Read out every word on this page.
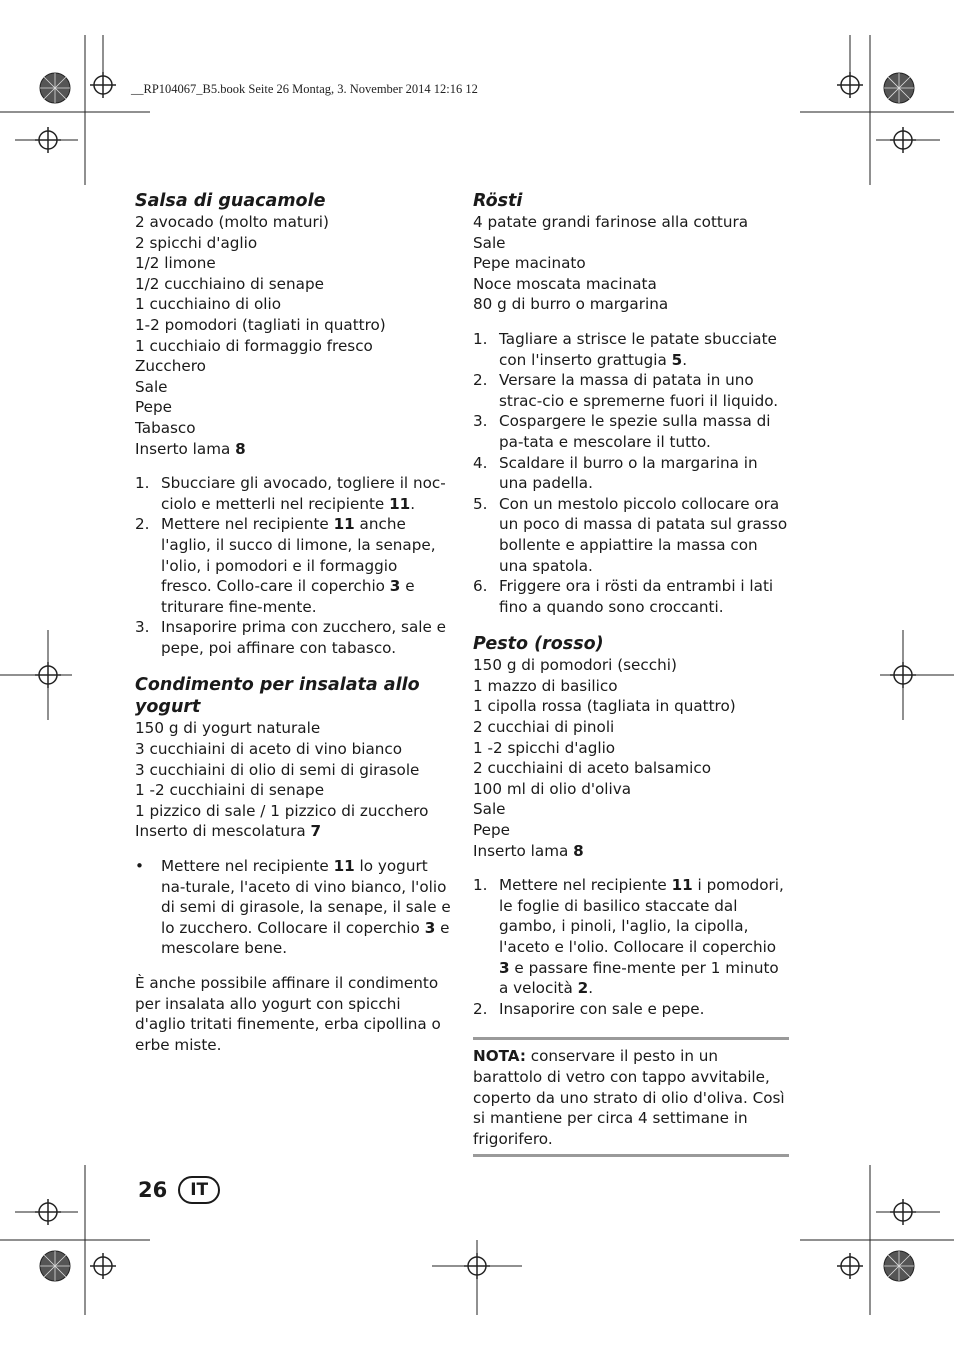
__RP104067_B5.book Seite 26 Montag, 3. November 2014 12:16 12
Salsa di guacamole
2 avocado (molto maturi)
2 spicchi d'aglio
1/2 limone
1/2 cucchiaino di senape
1 cucchiaino di olio
1-2 pomodori (tagliati in quattro)
1 cucchiaio di formaggio fresco
Zucchero
Sale
Pepe
Tabasco
Inserto lama 8
1. Sbucciare gli avocado, togliere il noc-
ciolo e metterli nel recipiente 11.
2. Mettere nel recipiente 11 anche l'aglio, il succo di limone, la senape, l'olio, i pomodori e il formaggio fresco. Collo-care il coperchio 3 e triturare fine-mente.
3. Insaporire prima con zucchero, sale e pepe, poi affinare con tabasco.
Condimento per insalata allo
yogurt
150 g di yogurt naturale
3 cucchiaini di aceto di vino bianco
3 cucchiaini di olio di semi di girasole
1 -2 cucchiaini di senape
1 pizzico di sale / 1 pizzico di zucchero
Inserto di mescolatura 7
•	Mettere nel recipiente 11 lo yogurt na-turale, l'aceto di vino bianco, l'olio di semi di girasole, la senape, il sale e lo zucchero. Collocare il coperchio 3 e mescolare bene.

È anche possibile affinare il condimento per insalata allo yogurt con spicchi d'aglio tritati finemente, erba cipollina o erbe miste.

Rösti
4 patate grandi farinose alla cottura
Sale
Pepe macinato
Noce moscata macinata
80 g di burro o margarina
1. Tagliare a strisce le patate sbucciate con l'inserto grattugia 5.
2. Versare la massa di patata in uno strac-cio e spremerne fuori il liquido.
3. Cospargere le spezie sulla massa di pa-tata e mescolare il tutto.
4. Scaldare il burro o la margarina in una padella.
5. Con un mestolo piccolo collocare ora un poco di massa di patata sul grasso bollente e appiattire la massa con una spatola.
6. Friggere ora i rösti da entrambi i lati fino a quando sono croccanti.
Pesto (rosso)
150 g di pomodori (secchi)
1 mazzo di basilico
1 cipolla rossa (tagliata in quattro)
2 cucchiai di pinoli
1 -2 spicchi d'aglio
2 cucchiaini di aceto balsamico
100 ml di olio d'oliva
Sale
Pepe
Inserto lama 8
1. Mettere nel recipiente 11 i pomodori, le foglie di basilico staccate dal gambo, i pinoli, l'aglio, la cipolla, l'aceto e l'olio. Collocare il coperchio 3 e passare fine-mente per 1 minuto a velocità 2.
2. Insaporire con sale e pepe.
NOTA: conservare il pesto in un barattolo di vetro con tappo avvitabile, coperto da uno strato di olio d'oliva. Così si mantiene per circa 4 settimane in frigorifero.
26	IT
